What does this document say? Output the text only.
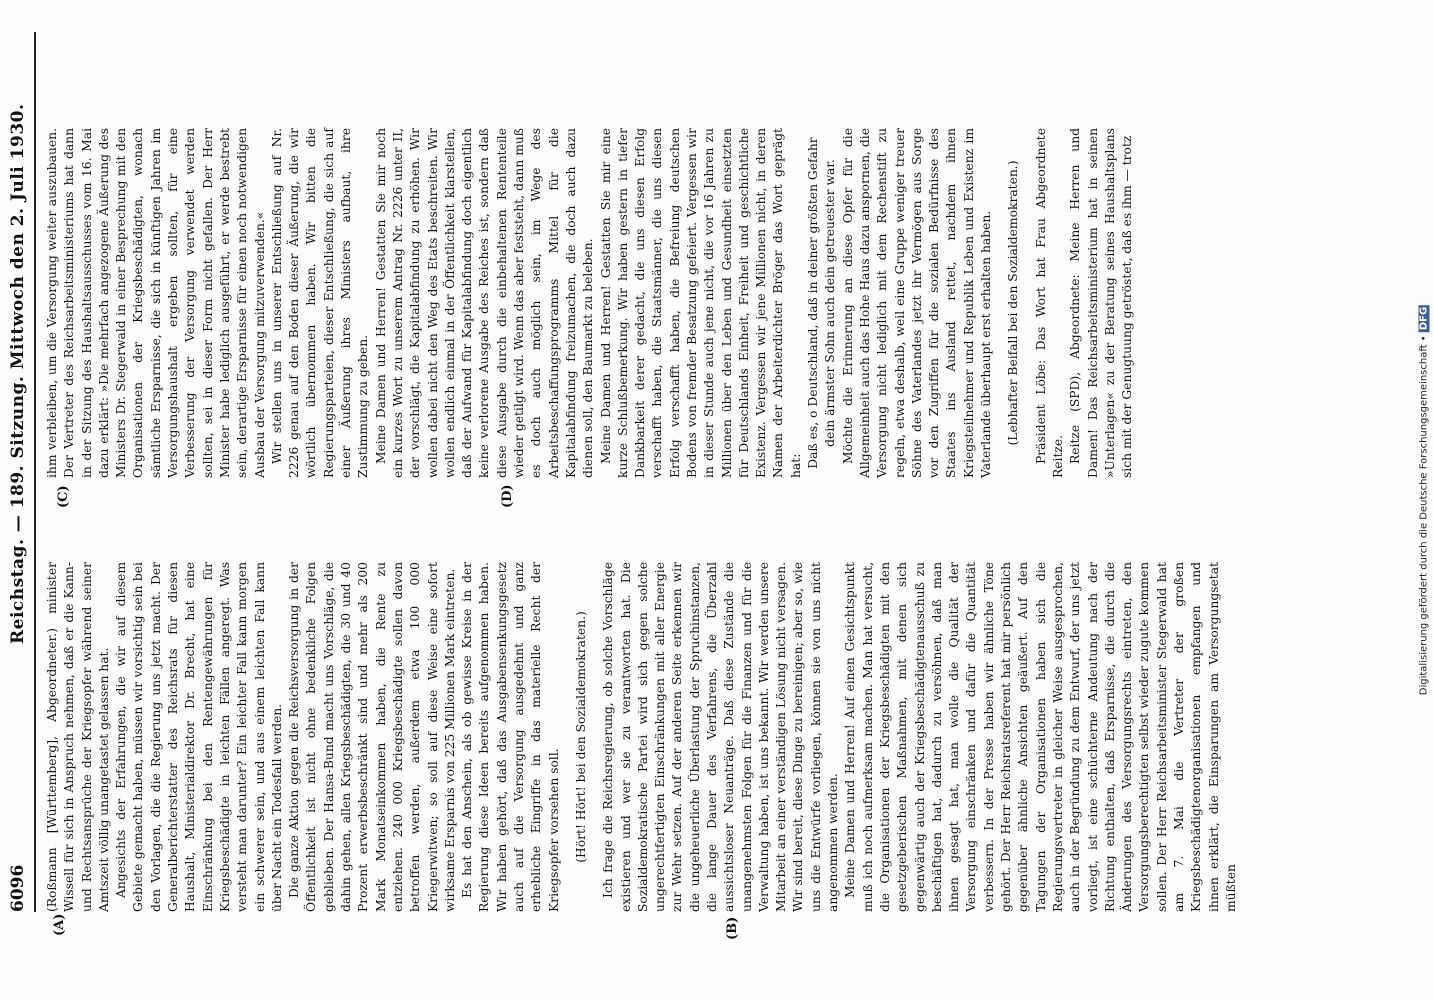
6096
Reichstag. — 189. Sitzung. Mittwoch den 2. Juli 1930.
(A)	(B)
(C)	(D)

(Roßmann [Württemberg], Abgeordneter.) minister Wissell für sich in Anspruch nehmen, daß er die Kann- und Rechtsansprüche der Kriegsopfer während seiner Amtszeit völlig unangetastet gelassen hat. Angesichts der Erfahrungen, die wir auf diesem Gebiete gemacht haben, müssen wir vorsichtig sein bei den Vorlagen, die die Regierung uns jetzt macht. Der Generalberichterstatter des Reichsrats für diesen Haushalt, Ministerialdirektor Dr. Brecht, hat eine Einschränkung bei den Rentengewährungen für Kriegsbeschädigte in leichten Fällen angeregt. Was versteht man darunter? Ein leichter Fall kann morgen ein schwerer sein, und aus einem leichten Fall kann über Nacht ein Todesfall werden. Die ganze Aktion gegen die Reichsversorgung in der Öffentlichkeit ist nicht ohne bedenkliche Folgen geblieben. Der Hansa-Bund macht uns Vorschläge, die dahin gehen, allen Kriegsbeschädigten, die 30 und 40 Prozent erwerbsbeschränkt sind und mehr als 200 Mark Monatseinkommen haben, die Rente zu entziehen. 240 000 Kriegsbeschädigte sollen davon betroffen werden, außerdem etwa 100 000 Kriegerwitwen; so soll auf diese Weise eine sofort wirksame Ersparnis von 225 Millionen Mark eintreten. Es hat den Anschein, als ob gewisse Kreise in der Regierung diese Ideen bereits aufgenommen haben. Wir haben gehört, daß das Ausgabensenkungsgesetz auch auf die Versorgung ausgedehnt und ganz erhebliche Eingriffe in das materielle Recht der Kriegsopfer vorsehen soll. (Hört! Hört! bei den Sozialdemokraten.) Ich frage die Reichsregierung, ob solche Vorschläge existieren und wer sie zu verantworten hat. Die Sozialdemokratische Partei wird sich gegen solche ungerechtfertigten Einschränkungen mit aller Energie zur Wehr setzen. Auf der anderen Seite erkennen wir die ungeheuerliche Überlastung der Spruchinstanzen, die lange Dauer des Verfahrens, die Überzahl aussichtsloser Neuanträge. Daß diese Zustände die unangenehmsten Folgen für die Finanzen und für die Verwaltung haben, ist uns bekannt. Wir werden unsere Mitarbeit an einer verständigen Lösung nicht versagen. Wir sind bereit, diese Dinge zu bereinigen; aber so, wie uns die Entwürfe vorliegen, können sie von uns nicht angenommen werden. Meine Damen und Herren! Auf einen Gesichtspunkt muß ich noch aufmerksam machen. Man hat versucht, die Organisationen der Kriegsbeschädigten mit den gesetzgeberischen Maßnahmen, mit denen sich gegenwärtig auch der Kriegsbeschädigtenausschuß zu beschäftigen hat, dadurch zu versöhnen, daß man ihnen gesagt hat, man wolle die Qualität der Versorgung einschränken und dafür die Quantität verbessern. In der Presse haben wir ähnliche Töne gehört. Der Herr Reichsratsreferent hat mir persönlich gegenüber ähnliche Ansichten geäußert. Auf den Tagungen der Organisationen haben sich die Regierungsvertreter in gleicher Weise ausgesprochen, auch in der Begründung zu dem Entwurf, der uns jetzt vorliegt, ist eine schüchterne Andeutung nach der Richtung enthalten, daß Ersparnisse, die durch die Änderungen des Versorgungsrechts eintreten, den Versorgungsberechtigten selbst wieder zugute kommen sollen. Der Herr Reichsarbeitsminister Stegerwald hat am 7. Mai die Vertreter der großen Kriegsbeschädigtenorganisationen empfangen und ihnen erklärt, die Einsparungen am Versorgungsetat müßten

ihm verbleiben, um die Versorgung weiter auszubauen. Der Vertreter des Reichsarbeitsministeriums hat dann in der Sitzung des Haushaltsausschusses vom 16. Mai dazu erklärt: »Die mehrfach angezogene Äußerung des Ministers Dr. Stegerwald in einer Besprechung mit den Organisationen der Kriegsbeschädigten, wonach sämtliche Ersparnisse, die sich in künftigen Jahren im Versorgungshaushalt ergeben sollten, für eine Verbesserung der Versorgung verwendet werden sollten, sei in dieser Form nicht gefallen. Der Herr Minister habe lediglich ausgeführt, er werde bestrebt sein, derartige Ersparnisse für einen noch notwendigen Ausbau der Versorgung mitzuverwenden.« Wir stellen uns in unserer Entschließung auf Nr. 2226 genau auf den Boden dieser Äußerung, die wir wörtlich übernommen haben. Wir bitten die Regierungsparteien, dieser Entschließung, die sich auf einer Äußerung ihres Ministers aufbaut, ihre Zustimmung zu geben. Meine Damen und Herren! Gestatten Sie mir noch ein kurzes Wort zu unserem Antrag Nr. 2226 unter II, der vorschlägt, die Kapitalabfindung zu erhöhen. Wir wollen dabei nicht den Weg des Etats beschreiten. Wir wollen endlich einmal in der Öffentlichkeit klarstellen, daß der Aufwand für Kapitalabfindung doch eigentlich keine verlorene Ausgabe des Reiches ist, sondern daß diese Ausgabe durch die einbehaltenen Rententeile wieder getilgt wird. Wenn das aber feststeht, dann muß es doch auch möglich sein, im Wege des Arbeitsbeschaffungsprogramms Mittel für die Kapitalabfindung freizumachen, die doch auch dazu dienen soll, den Baumarkt zu beleben. Meine Damen und Herren! Gestatten Sie mir eine kurze Schlußbemerkung. Wir haben gestern in tiefer Dankbarkeit derer gedacht, die uns diesen Erfolg verschafft haben, die Staatsmänner, die uns diesen Erfolg verschafft haben, die Befreiung deutschen Bodens von fremder Besatzung gefeiert. Vergessen wir in dieser Stunde auch jene nicht, die vor 16 Jahren zu Millionen über den Leben und Gesundheit einsetzten für Deutschlands Einheit, Freiheit und geschichtliche Existenz. Vergessen wir jene Millionen nicht, in deren Namen der Arbeiterdichter Bröger das Wort geprägt hat: Daß es, o Deutschland, daß in deiner größten Gefahr dein ärmster Sohn auch dein getreuester war. Möchte die Erinnerung an diese Opfer für die Allgemeinheit auch das Hohe Haus dazu anspornen, die Versorgung nicht lediglich mit dem Rechenstift zu regeln, etwa deshalb, weil eine Gruppe weniger treuer Söhne des Vaterlandes jetzt ihr Vermögen aus Sorge vor den Zugriffen für die sozialen Bedürfnisse des Staates ins Ausland rettet, nachdem ihnen Kriegsteilnehmer und Republik Leben und Existenz im Vaterlande überhaupt erst erhalten haben. (Lebhafter Beifall bei den Sozialdemokraten.) Präsident Löbe: Das Wort hat Frau Abgeordnete Reitze. Reitze (SPD), Abgeordnete: Meine Herren und Damen! Das Reichsarbeitsministerium hat in seinen »Unterlagen« zu der Beratung seines Haushaltsplans sich mit der Genugtuung getröstet, daß es ihm — trotz

Digitalisierung gefördert durch die Deutsche Forschungsgemeinschaft • DFG
